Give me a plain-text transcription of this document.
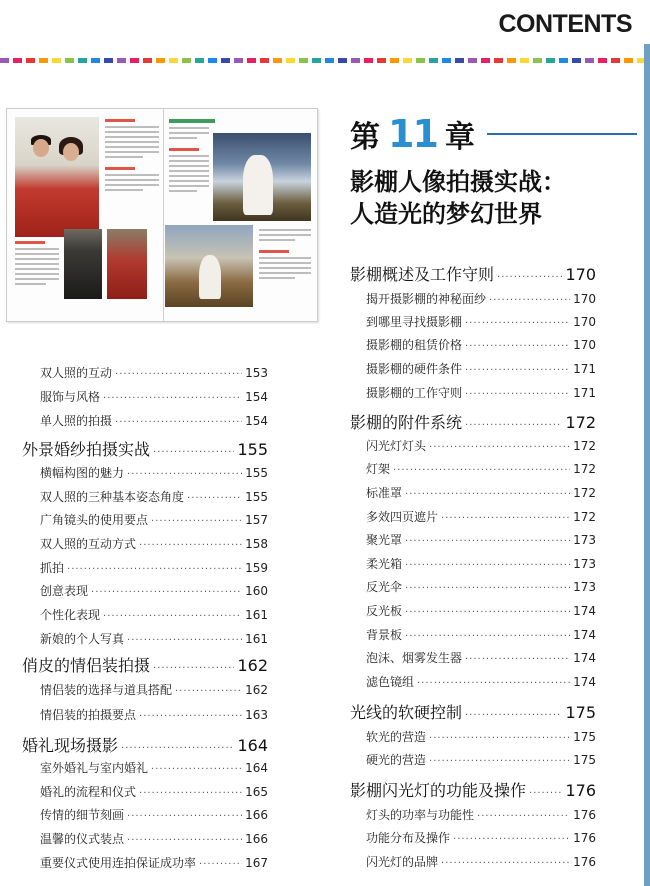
CONTENTS
第 11 章
影棚人像拍摄实战：
人造光的梦幻世界
双人照的互动 ·····	153
服饰与风格 ·····	154
单人照的拍摄 ·····	154
外景婚纱拍摄实战 ·····	155
横幅构图的魅力 ·····	155
双人照的三种基本姿态角度 ·····	155
广角镜头的使用要点 ·····	157
双人照的互动方式 ·····	158
抓拍 ·····	159
创意表现 ·····	160
个性化表现 ·····	161
新娘的个人写真 ·····	161
俏皮的情侣装拍摄 ·····	162
情侣装的选择与道具搭配 ·····	162
情侣装的拍摄要点 ·····	163
婚礼现场摄影 ·····	164
室外婚礼与室内婚礼 ·····	164
婚礼的流程和仪式 ·····	165
传情的细节刻画 ·····	166
温馨的仪式装点 ·····	166
重要仪式使用连拍保证成功率 ·····	167
影棚概述及工作守则 ·····	170
揭开摄影棚的神秘面纱 ·····	170
到哪里寻找摄影棚 ·····	170
摄影棚的租赁价格 ·····	170
摄影棚的硬件条件 ·····	171
摄影棚的工作守则 ·····	171
影棚的附件系统 ·····	172
闪光灯灯头 ·····	172
灯架 ·····	172
标准罩 ·····	172
多效四页遮片 ·····	172
聚光罩 ·····	173
柔光箱 ·····	173
反光伞 ·····	173
反光板 ·····	174
背景板 ·····	174
泡沫、烟雾发生器 ·····	174
滤色镜组 ·····	174
光线的软硬控制 ·····	175
软光的营造 ·····	175
硬光的营造 ·····	175
影棚闪光灯的功能及操作 ····· 176
灯头的功率与功能性 ·····	176
功能分布及操作 ·····	176
闪光灯的品牌 ·····	176
